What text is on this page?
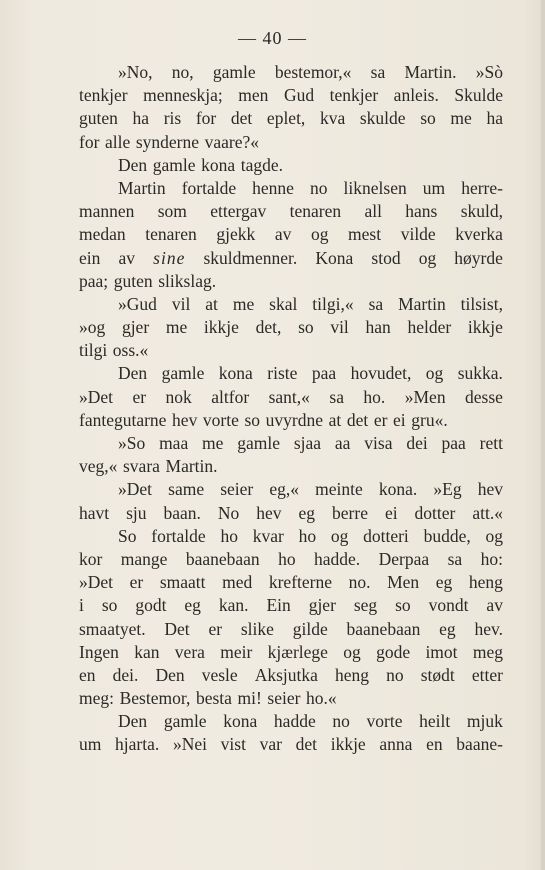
— 40 —
»No, no, gamle bestemor,« sa Martin. »Sò
tenkjer menneskja; men Gud tenkjer anleis. Skulde
guten ha ris for det eplet, kva skulde so me ha
for alle synderne vaare?«
Den gamle kona tagde.
Martin fortalde henne no liknelsen um herre-
mannen som ettergav tenaren all hans skuld,
medan tenaren gjekk av og mest vilde kverka
ein av sine skuldmenner. Kona stod og høyrde
paa; guten slikslag.
»Gud vil at me skal tilgi,« sa Martin tilsist,
»og gjer me ikkje det, so vil han helder ikkje
tilgi oss.«
Den gamle kona riste paa hovudet, og sukka.
»Det er nok altfor sant,« sa ho. »Men desse
fantegutarne hev vorte so uvyrdne at det er ei gru«.
»So maa me gamle sjaa aa visa dei paa rett
veg,« svara Martin.
»Det same seier eg,« meinte kona. »Eg hev
havt sju baan. No hev eg berre ei dotter att.«
So fortalde ho kvar ho og dotteri budde, og
kor mange baanebaan ho hadde. Derpaa sa ho:
»Det er smaatt med krefterne no. Men eg heng
i so godt eg kan. Ein gjer seg so vondt av
smaatyet. Det er slike gilde baanebaan eg hev.
Ingen kan vera meir kjærlege og gode imot meg
en dei. Den vesle Aksjutka heng no stødt etter
meg: Bestemor, besta mi! seier ho.«
Den gamle kona hadde no vorte heilt mjuk
um hjarta. »Nei vist var det ikkje anna en baane-
